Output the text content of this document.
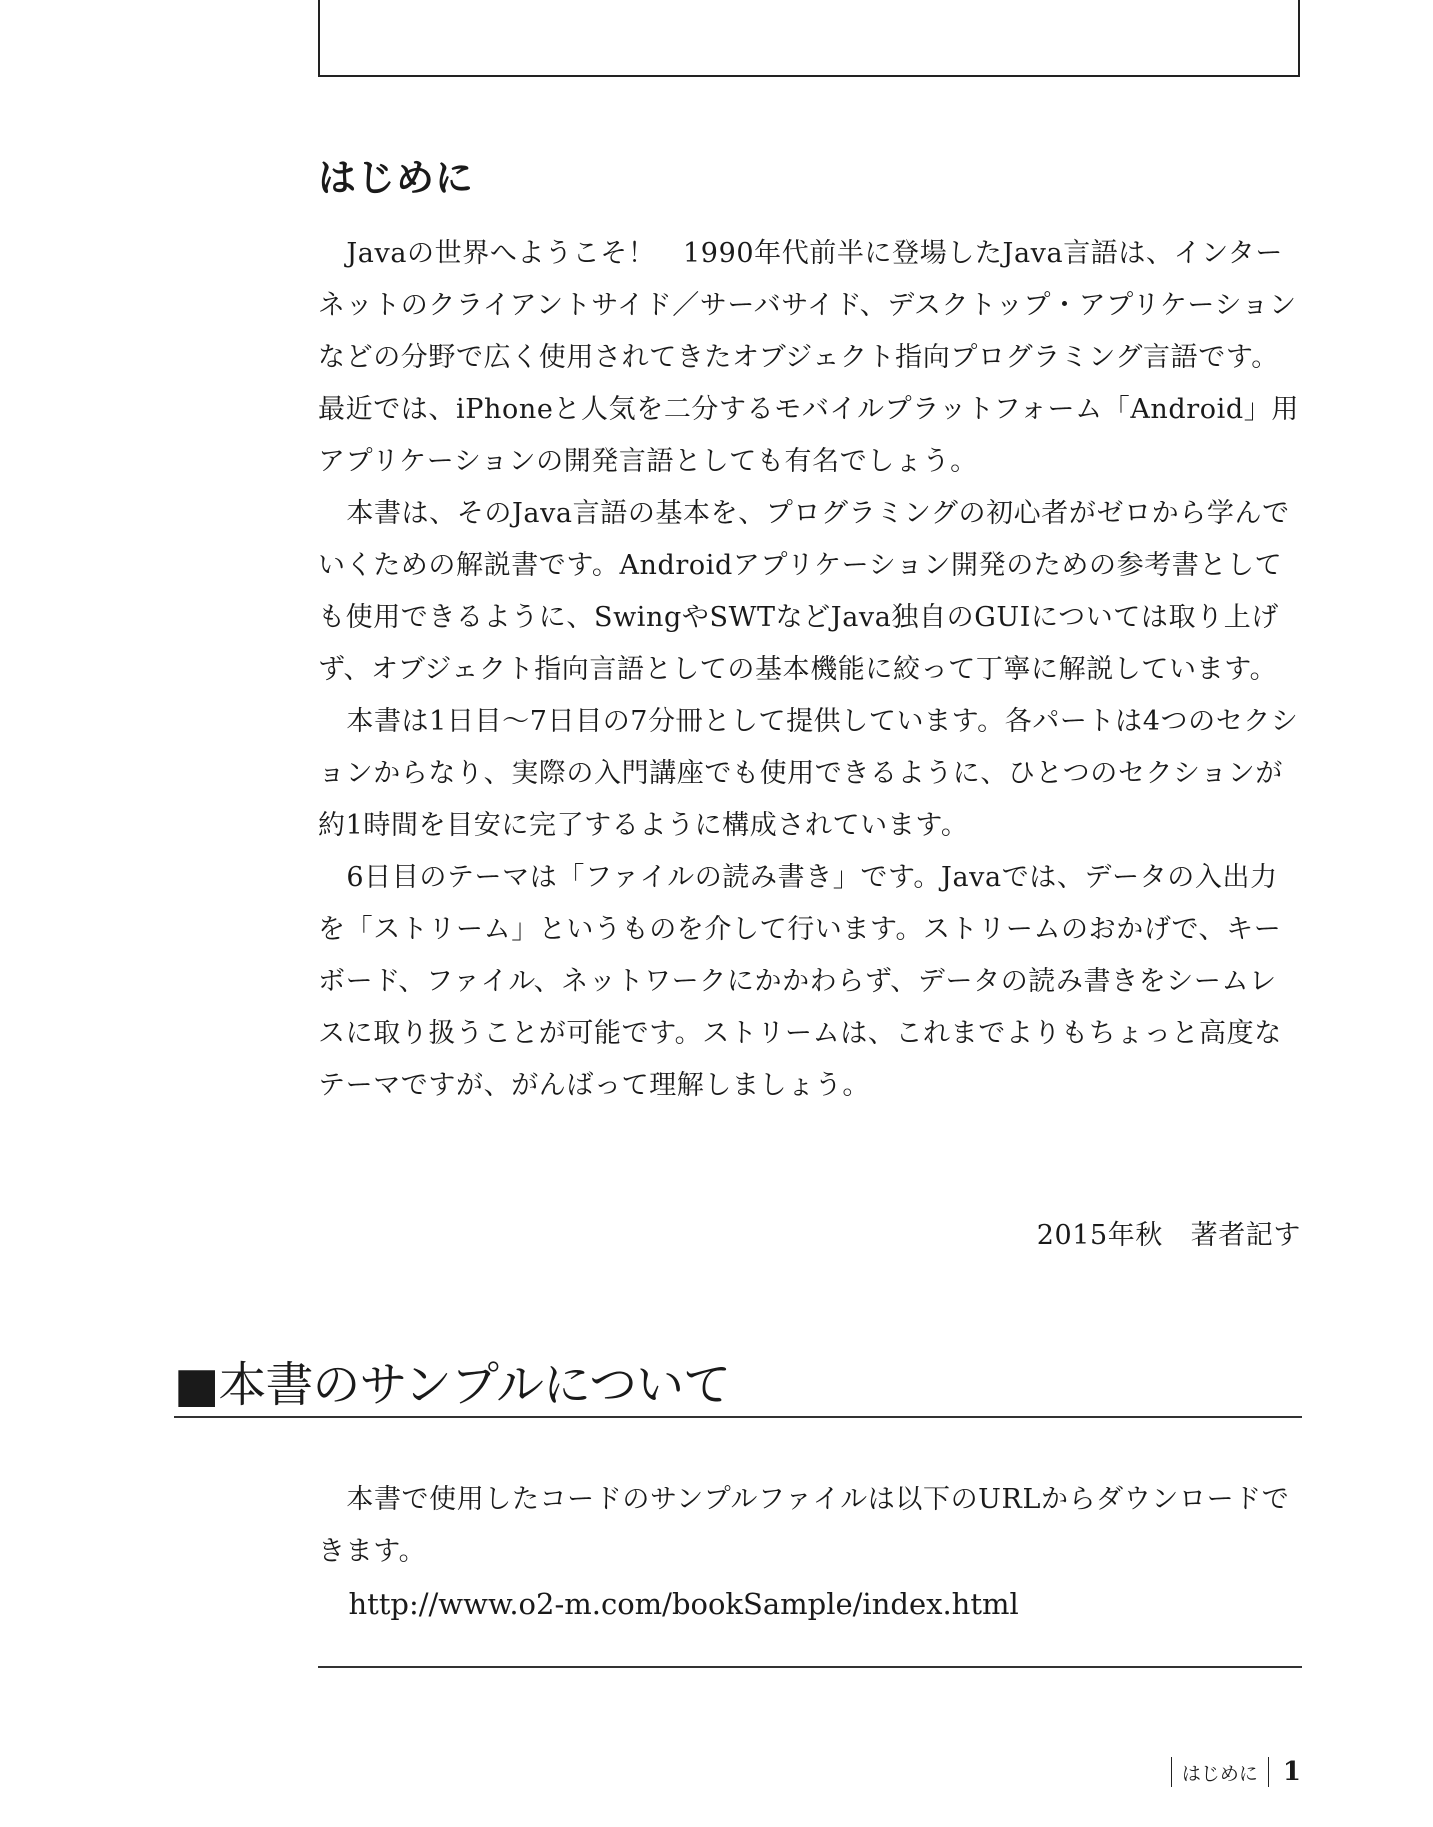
はじめに

Javaの世界へようこそ！　1990年代前半に登場したJava言語は、インターネットのクライアントサイド／サーバサイド、デスクトップ・アプリケーションなどの分野で広く使用されてきたオブジェクト指向プログラミング言語です。最近では、iPhoneと人気を二分するモバイルプラットフォーム「Android」用アプリケーションの開発言語としても有名でしょう。

本書は、そのJava言語の基本を、プログラミングの初心者がゼロから学んでいくための解説書です。Androidアプリケーション開発のための参考書としても使用できるように、SwingやSWTなどJava独自のGUIについては取り上げず、オブジェクト指向言語としての基本機能に絞って丁寧に解説しています。

本書は1日目〜7日目の7分冊として提供しています。各パートは4つのセクションからなり、実際の入門講座でも使用できるように、ひとつのセクションが約1時間を目安に完了するように構成されています。

6日目のテーマは「ファイルの読み書き」です。Javaでは、データの入出力を「ストリーム」というものを介して行います。ストリームのおかげで、キーボード、ファイル、ネットワークにかかわらず、データの読み書きをシームレスに取り扱うことが可能です。ストリームは、これまでよりもちょっと高度なテーマですが、がんばって理解しましょう。

2015年秋　著者記す

■本書のサンプルについて

本書で使用したコードのサンプルファイルは以下のURLからダウンロードできます。

http://www.o2-m.com/bookSample/index.html
はじめに 1
